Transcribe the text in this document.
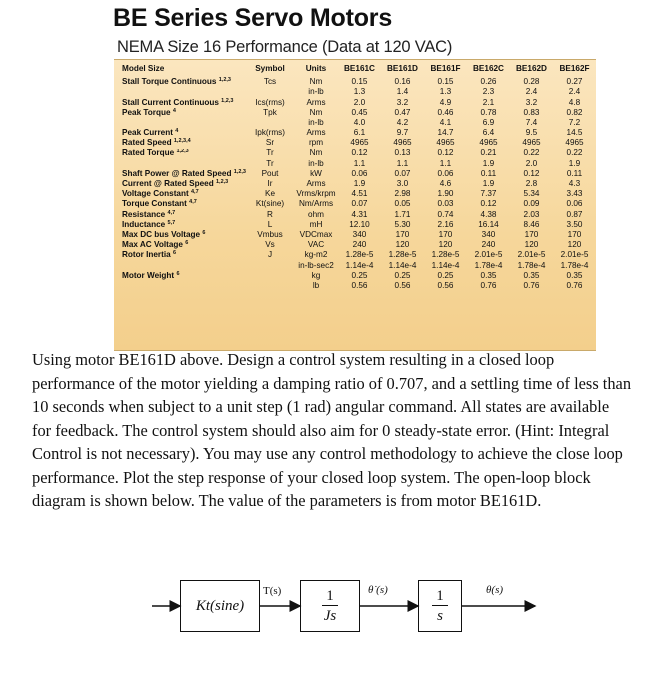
BE Series Servo Motors
NEMA Size 16 Performance (Data at 120 VAC)
Model Size	Symbol	Units	BE161C	BE161D	BE161F	BE162C	BE162D	BE162F
Stall Torque Continuous $^{1,2,3}$	Tcs	Nm	0.15	0.16	0.15	0.26	0.28	0.27
		in-lb	1.3	1.4	1.3	2.3	2.4	2.4
Stall Current Continuous $^{1,2,3}$	Ics(rms)	Arms	2.0	3.2	4.9	2.1	3.2	4.8
Peak Torque $^4$	Tpk	Nm	0.45	0.47	0.46	0.78	0.83	0.82
		in-lb	4.0	4.2	4.1	6.9	7.4	7.2
Peak Current $^4$	Ipk(rms)	Arms	6.1	9.7	14.7	6.4	9.5	14.5
Rated Speed $^{1,2,3,4}$	Sr	rpm	4965	4965	4965	4965	4965	4965
Rated Torque $^{1,2,3}$	Tr	Nm	0.12	0.13	0.12	0.21	0.22	0.22
	Tr	in-lb	1.1	1.1	1.1	1.9	2.0	1.9
Shaft Power @ Rated Speed $^{1,2,3}$	Pout	kW	0.06	0.07	0.06	0.11	0.12	0.11
Current @ Rated Speed $^{1,2,3}$	Ir	Arms	1.9	3.0	4.6	1.9	2.8	4.3
Voltage Constant $^{4,7}$	Ke	Vrms/krpm	4.51	2.98	1.90	7.37	5.34	3.43
Torque Constant $^{4,7}$	Kt(sine)	Nm/Arms	0.07	0.05	0.03	0.12	0.09	0.06
Resistance $^{4,7}$	R	ohm	4.31	1.71	0.74	4.38	2.03	0.87
Inductance $^{5,7}$	L	mH	12.10	5.30	2.16	16.14	8.46	3.50
Max DC bus Voltage $^6$	Vmbus	VDCmax	340	170	170	340	170	170
Max AC Voltage $^6$	Vs	VAC	240	120	120	240	120	120
Rotor Inertia $^6$	J	kg-m2	1.28e-5	1.28e-5	1.28e-5	2.01e-5	2.01e-5	2.01e-5
		in-lb-sec2	1.14e-4	1.14e-4	1.14e-4	1.78e-4	1.78e-4	1.78e-4
Motor Weight $^6$		kg	0.25	0.25	0.25	0.35	0.35	0.35
		lb	0.56	0.56	0.56	0.76	0.76	0.76
Using motor BE161D above. Design a control system resulting in a closed loop performance of the motor yielding a damping ratio of 0.707, and a settling time of less than 10 seconds when subject to a unit step (1 rad) angular command. All states are available for feedback. The control system should also aim for 0 steady-state error. (Hint: Integral Control is not necessary). You may use any control methodology to achieve the close loop performance. Plot the step response of your closed loop system. The open-loop block diagram is shown below. The value of the parameters is from motor BE161D.
Kt(sine)
T(s)	$\frac{1}{Js}$	θ̇ (s)	$\frac{1}{s}$	θ(s)
